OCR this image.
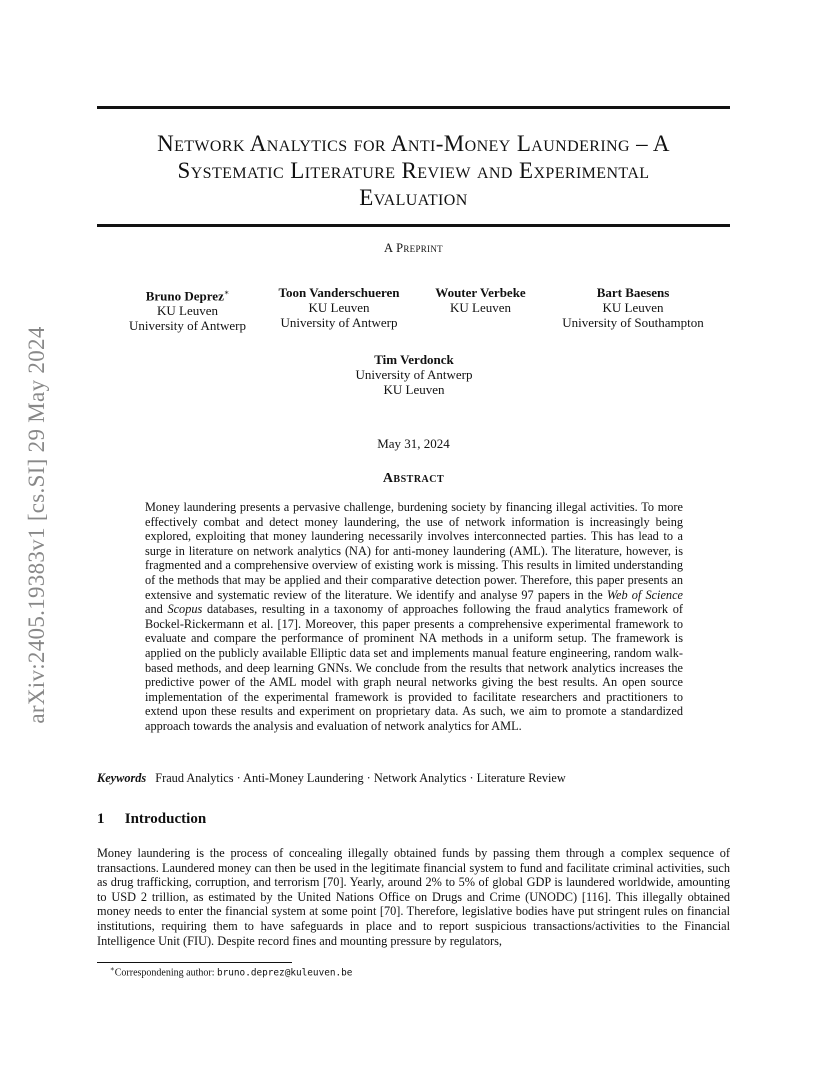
arXiv:2405.19383v1 [cs.SI] 29 May 2024
Network Analytics for Anti-Money Laundering – A
Systematic Literature Review and Experimental
Evaluation
A Preprint
Bruno Deprez∗
KU Leuven
University of Antwerp
Toon Vanderschueren
KU Leuven
University of Antwerp
Wouter Verbeke
KU Leuven
Bart Baesens
KU Leuven
University of Southampton
Tim Verdonck
University of Antwerp
KU Leuven
May 31, 2024
Abstract
Money laundering presents a pervasive challenge, burdening society by financing illegal activities. To more effectively combat and detect money laundering, the use of network information is increasingly being explored, exploiting that money laundering necessarily involves interconnected parties. This has lead to a surge in literature on network analytics (NA) for anti-money laundering (AML). The literature, however, is fragmented and a comprehensive overview of existing work is missing. This results in limited understanding of the methods that may be applied and their comparative detection power. Therefore, this paper presents an extensive and systematic review of the literature. We identify and analyse 97 papers in the Web of Science and Scopus databases, resulting in a taxonomy of approaches following the fraud analytics framework of Bockel-Rickermann et al. [17]. Moreover, this paper presents a comprehensive experimental framework to evaluate and compare the performance of prominent NA methods in a uniform setup. The framework is applied on the publicly available Elliptic data set and implements manual feature engineering, random walk-based methods, and deep learning GNNs. We conclude from the results that network analytics increases the predictive power of the AML model with graph neural networks giving the best results. An open source implementation of the experimental framework is provided to facilitate researchers and practitioners to extend upon these results and experiment on proprietary data. As such, we aim to promote a standardized approach towards the analysis and evaluation of network analytics for AML.
Keywords Fraud Analytics · Anti-Money Laundering · Network Analytics · Literature Review
1 Introduction
Money laundering is the process of concealing illegally obtained funds by passing them through a complex sequence of transactions. Laundered money can then be used in the legitimate financial system to fund and facilitate criminal activities, such as drug trafficking, corruption, and terrorism [70]. Yearly, around 2% to 5% of global GDP is laundered worldwide, amounting to USD 2 trillion, as estimated by the United Nations Office on Drugs and Crime (UNODC) [116]. This illegally obtained money needs to enter the financial system at some point [70]. Therefore, legislative bodies have put stringent rules on financial institutions, requiring them to have safeguards in place and to report suspicious transactions/activities to the Financial Intelligence Unit (FIU). Despite record fines and mounting pressure by regulators,
∗Correspondening author: bruno.deprez@kuleuven.be
